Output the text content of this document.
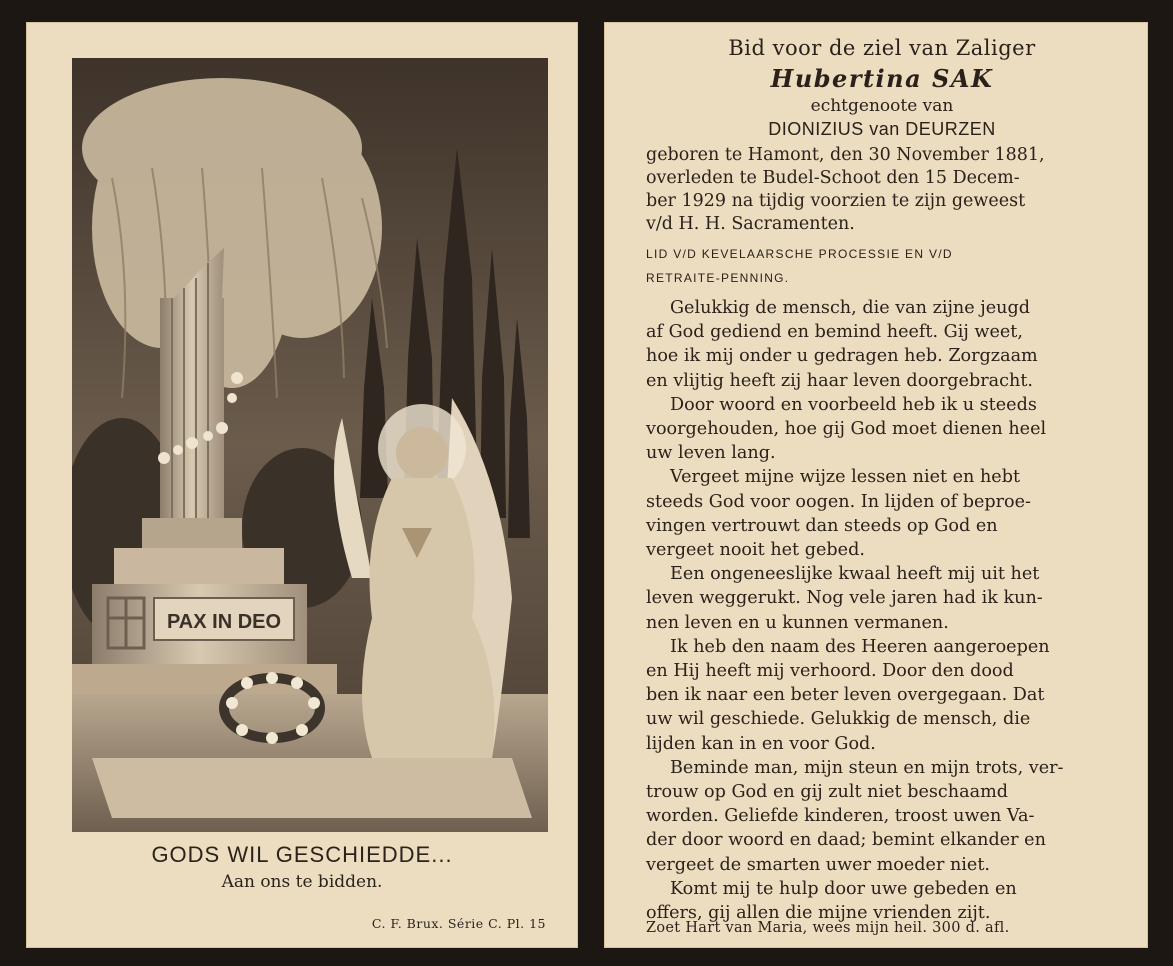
PAX IN DEO
GODS WIL GESCHIEDDE...
Aan ons te bidden.
C. F. Brux. Série C. Pl. 15
Bid voor de ziel van Zaliger
Hubertina SAK
echtgenoote van
DIONIZIUS van DEURZEN
geboren te Hamont, den 30 November 1881,
overleden te Budel-Schoot den 15 Decem-
ber 1929 na tijdig voorzien te zijn geweest
v/d H. H. Sacramenten.
LID V/D KEVELAARSCHE PROCESSIE EN V/D
RETRAITE-PENNING.
Gelukkig de mensch, die van zijne jeugd
af God gediend en bemind heeft. Gij weet,
hoe ik mij onder u gedragen heb. Zorgzaam
en vlijtig heeft zij haar leven doorgebracht.
Door woord en voorbeeld heb ik u steeds
voorgehouden, hoe gij God moet dienen heel
uw leven lang.
Vergeet mijne wijze lessen niet en hebt
steeds God voor oogen. In lijden of beproe-
vingen vertrouwt dan steeds op God en
vergeet nooit het gebed.
Een ongeneeslijke kwaal heeft mij uit het
leven weggerukt. Nog vele jaren had ik kun-
nen leven en u kunnen vermanen.
Ik heb den naam des Heeren aangeroepen
en Hij heeft mij verhoord. Door den dood
ben ik naar een beter leven overgegaan. Dat
uw wil geschiede. Gelukkig de mensch, die
lijden kan in en voor God.
Beminde man, mijn steun en mijn trots, ver-
trouw op God en gij zult niet beschaamd
worden. Geliefde kinderen, troost uwen Va-
der door woord en daad; bemint elkander en
vergeet de smarten uwer moeder niet.
Komt mij te hulp door uwe gebeden en
offers, gij allen die mijne vrienden zijt.
Zoet Hart van Maria, wees mijn heil. 300 d. afl.
